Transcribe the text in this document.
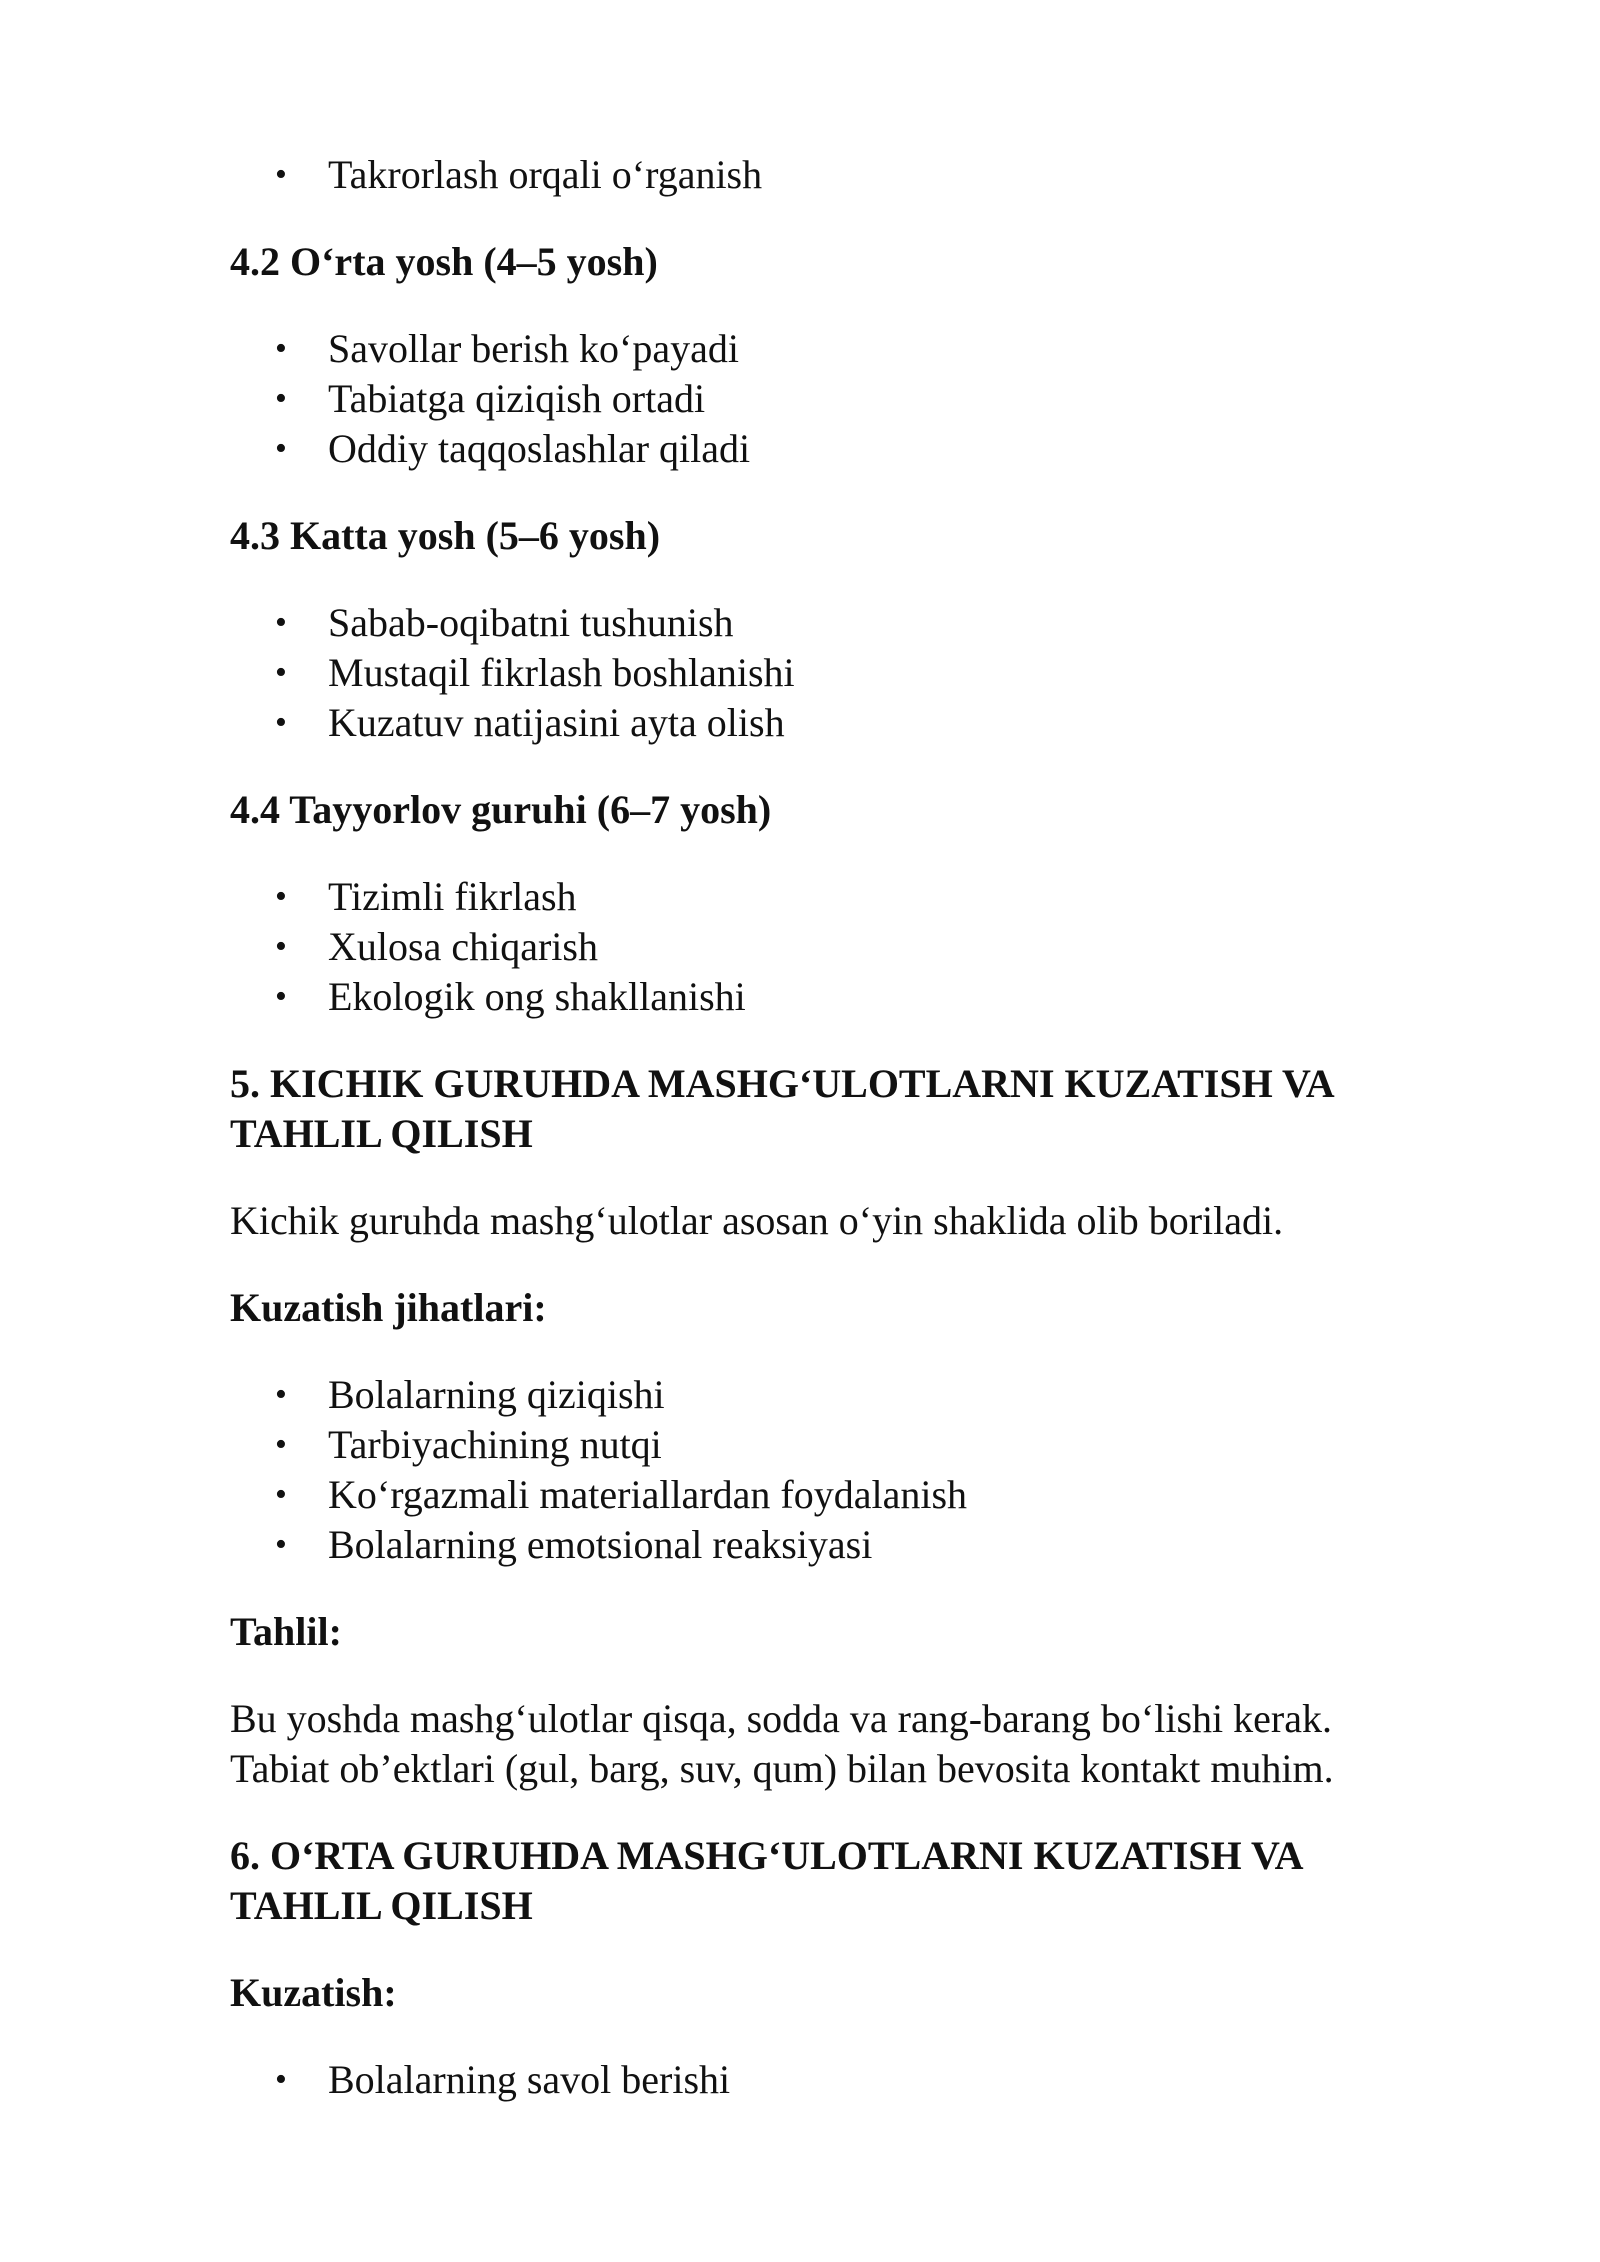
• Takrorlash orqali o‘rganish
4.2 O‘rta yosh (4–5 yosh)
• Savollar berish ko‘payadi
• Tabiatga qiziqish ortadi
• Oddiy taqqoslashlar qiladi
4.3 Katta yosh (5–6 yosh)
• Sabab-oqibatni tushunish
• Mustaqil fikrlash boshlanishi
• Kuzatuv natijasini ayta olish
4.4 Tayyorlov guruhi (6–7 yosh)
• Tizimli fikrlash
• Xulosa chiqarish
• Ekologik ong shakllanishi
5. KICHIK GURUHDA MASHG‘ULOTLARNI KUZATISH VA
TAHLIL QILISH

Kichik guruhda mashg‘ulotlar asosan o‘yin shaklida olib boriladi.

Kuzatish jihatlari:
• Bolalarning qiziqishi
• Tarbiyachining nutqi
• Ko‘rgazmali materiallardan foydalanish
• Bolalarning emotsional reaksiyasi
Tahlil:

Bu yoshda mashg‘ulotlar qisqa, sodda va rang-barang bo‘lishi kerak.
Tabiat ob’ektlari (gul, barg, suv, qum) bilan bevosita kontakt muhim.

6. O‘RTA GURUHDA MASHG‘ULOTLARNI KUZATISH VA
TAHLIL QILISH
Kuzatish:
• Bolalarning savol berishi
